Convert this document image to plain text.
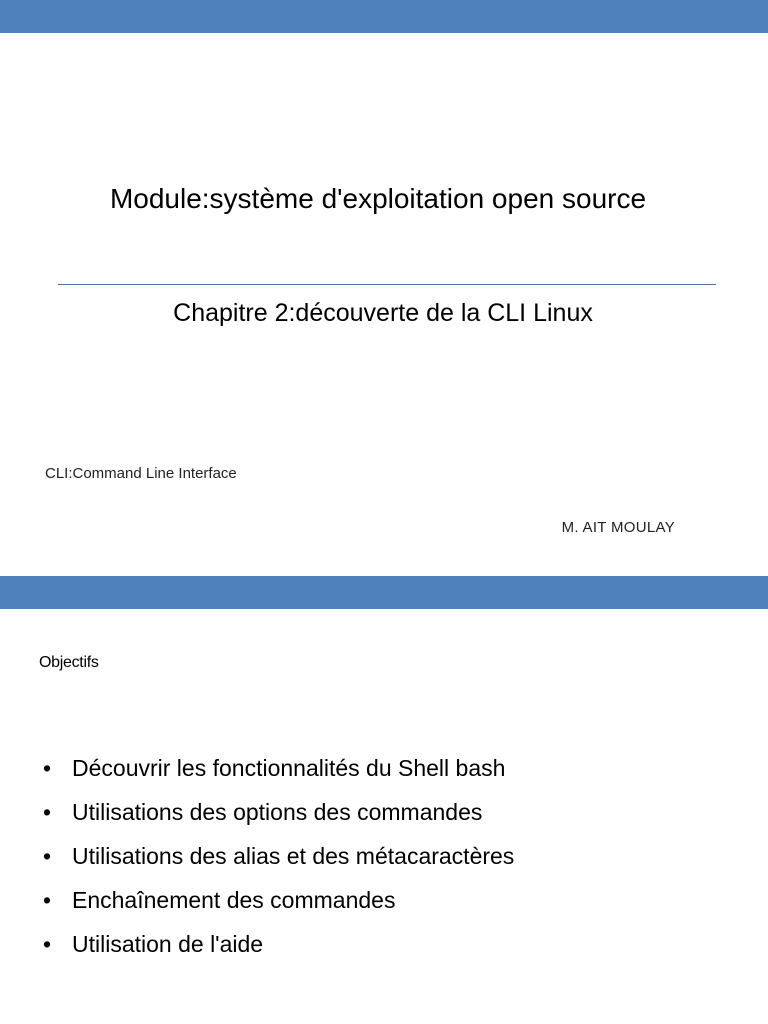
Module:système d'exploitation open source
Chapitre 2:découverte de la CLI Linux
CLI:Command Line Interface
M. AIT MOULAY
Objectifs
• Découvrir les fonctionnalités du Shell bash
• Utilisations des options des commandes
• Utilisations des alias et des métacaractères
• Enchaînement des commandes
• Utilisation de l'aide
